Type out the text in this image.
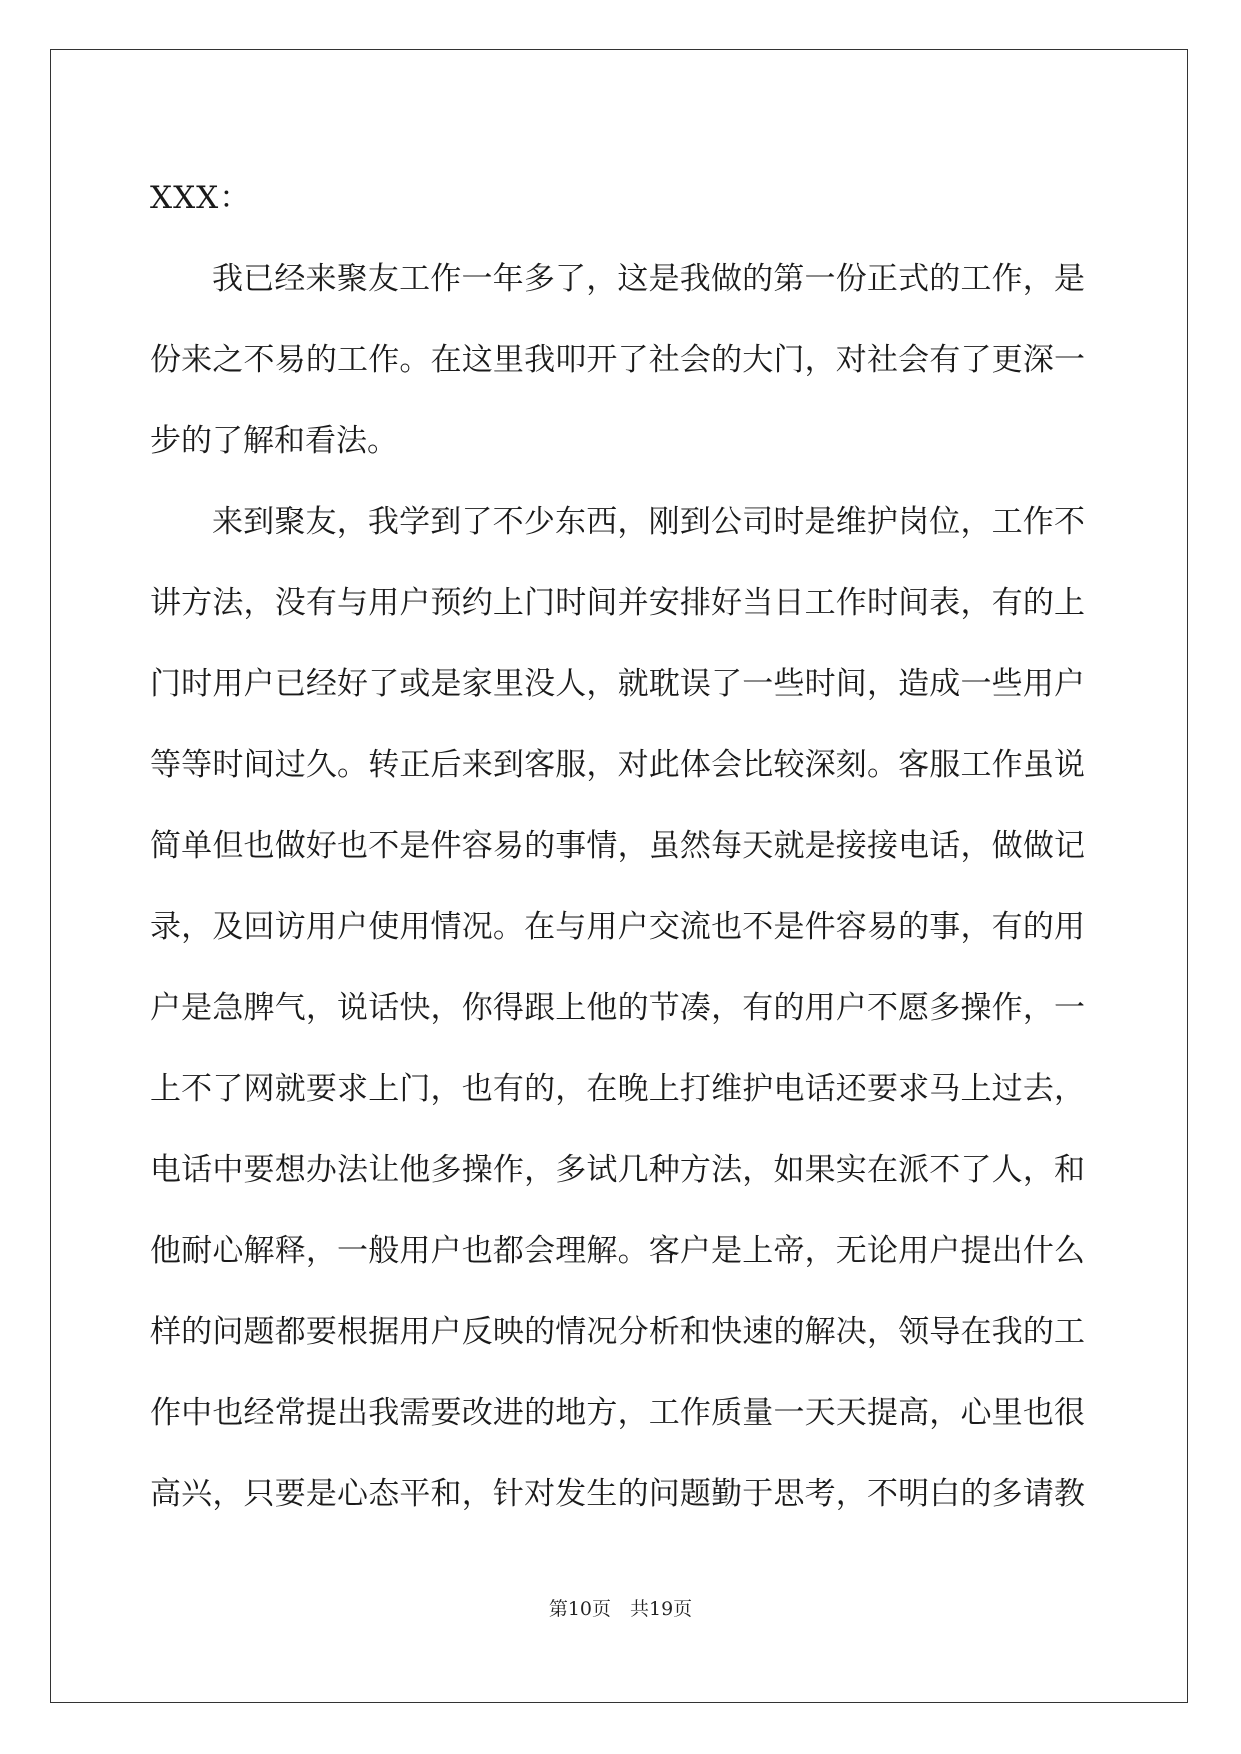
XXX：
我已经来聚友工作一年多了，这是我做的第一份正式的工作，是
份来之不易的工作。在这里我叩开了社会的大门，对社会有了更深一
步的了解和看法。
来到聚友，我学到了不少东西，刚到公司时是维护岗位，工作不
讲方法，没有与用户预约上门时间并安排好当日工作时间表，有的上
门时用户已经好了或是家里没人，就耽误了一些时间，造成一些用户
等等时间过久。转正后来到客服，对此体会比较深刻。客服工作虽说
简单但也做好也不是件容易的事情，虽然每天就是接接电话，做做记
录，及回访用户使用情况。在与用户交流也不是件容易的事，有的用
户是急脾气，说话快，你得跟上他的节凑，有的用户不愿多操作，一
上不了网就要求上门，也有的，在晚上打维护电话还要求马上过去，
电话中要想办法让他多操作，多试几种方法，如果实在派不了人，和
他耐心解释，一般用户也都会理解。客户是上帝，无论用户提出什么
样的问题都要根据用户反映的情况分析和快速的解决，领导在我的工
作中也经常提出我需要改进的地方，工作质量一天天提高，心里也很
高兴，只要是心态平和，针对发生的问题勤于思考，不明白的多请教
第10页　共19页
